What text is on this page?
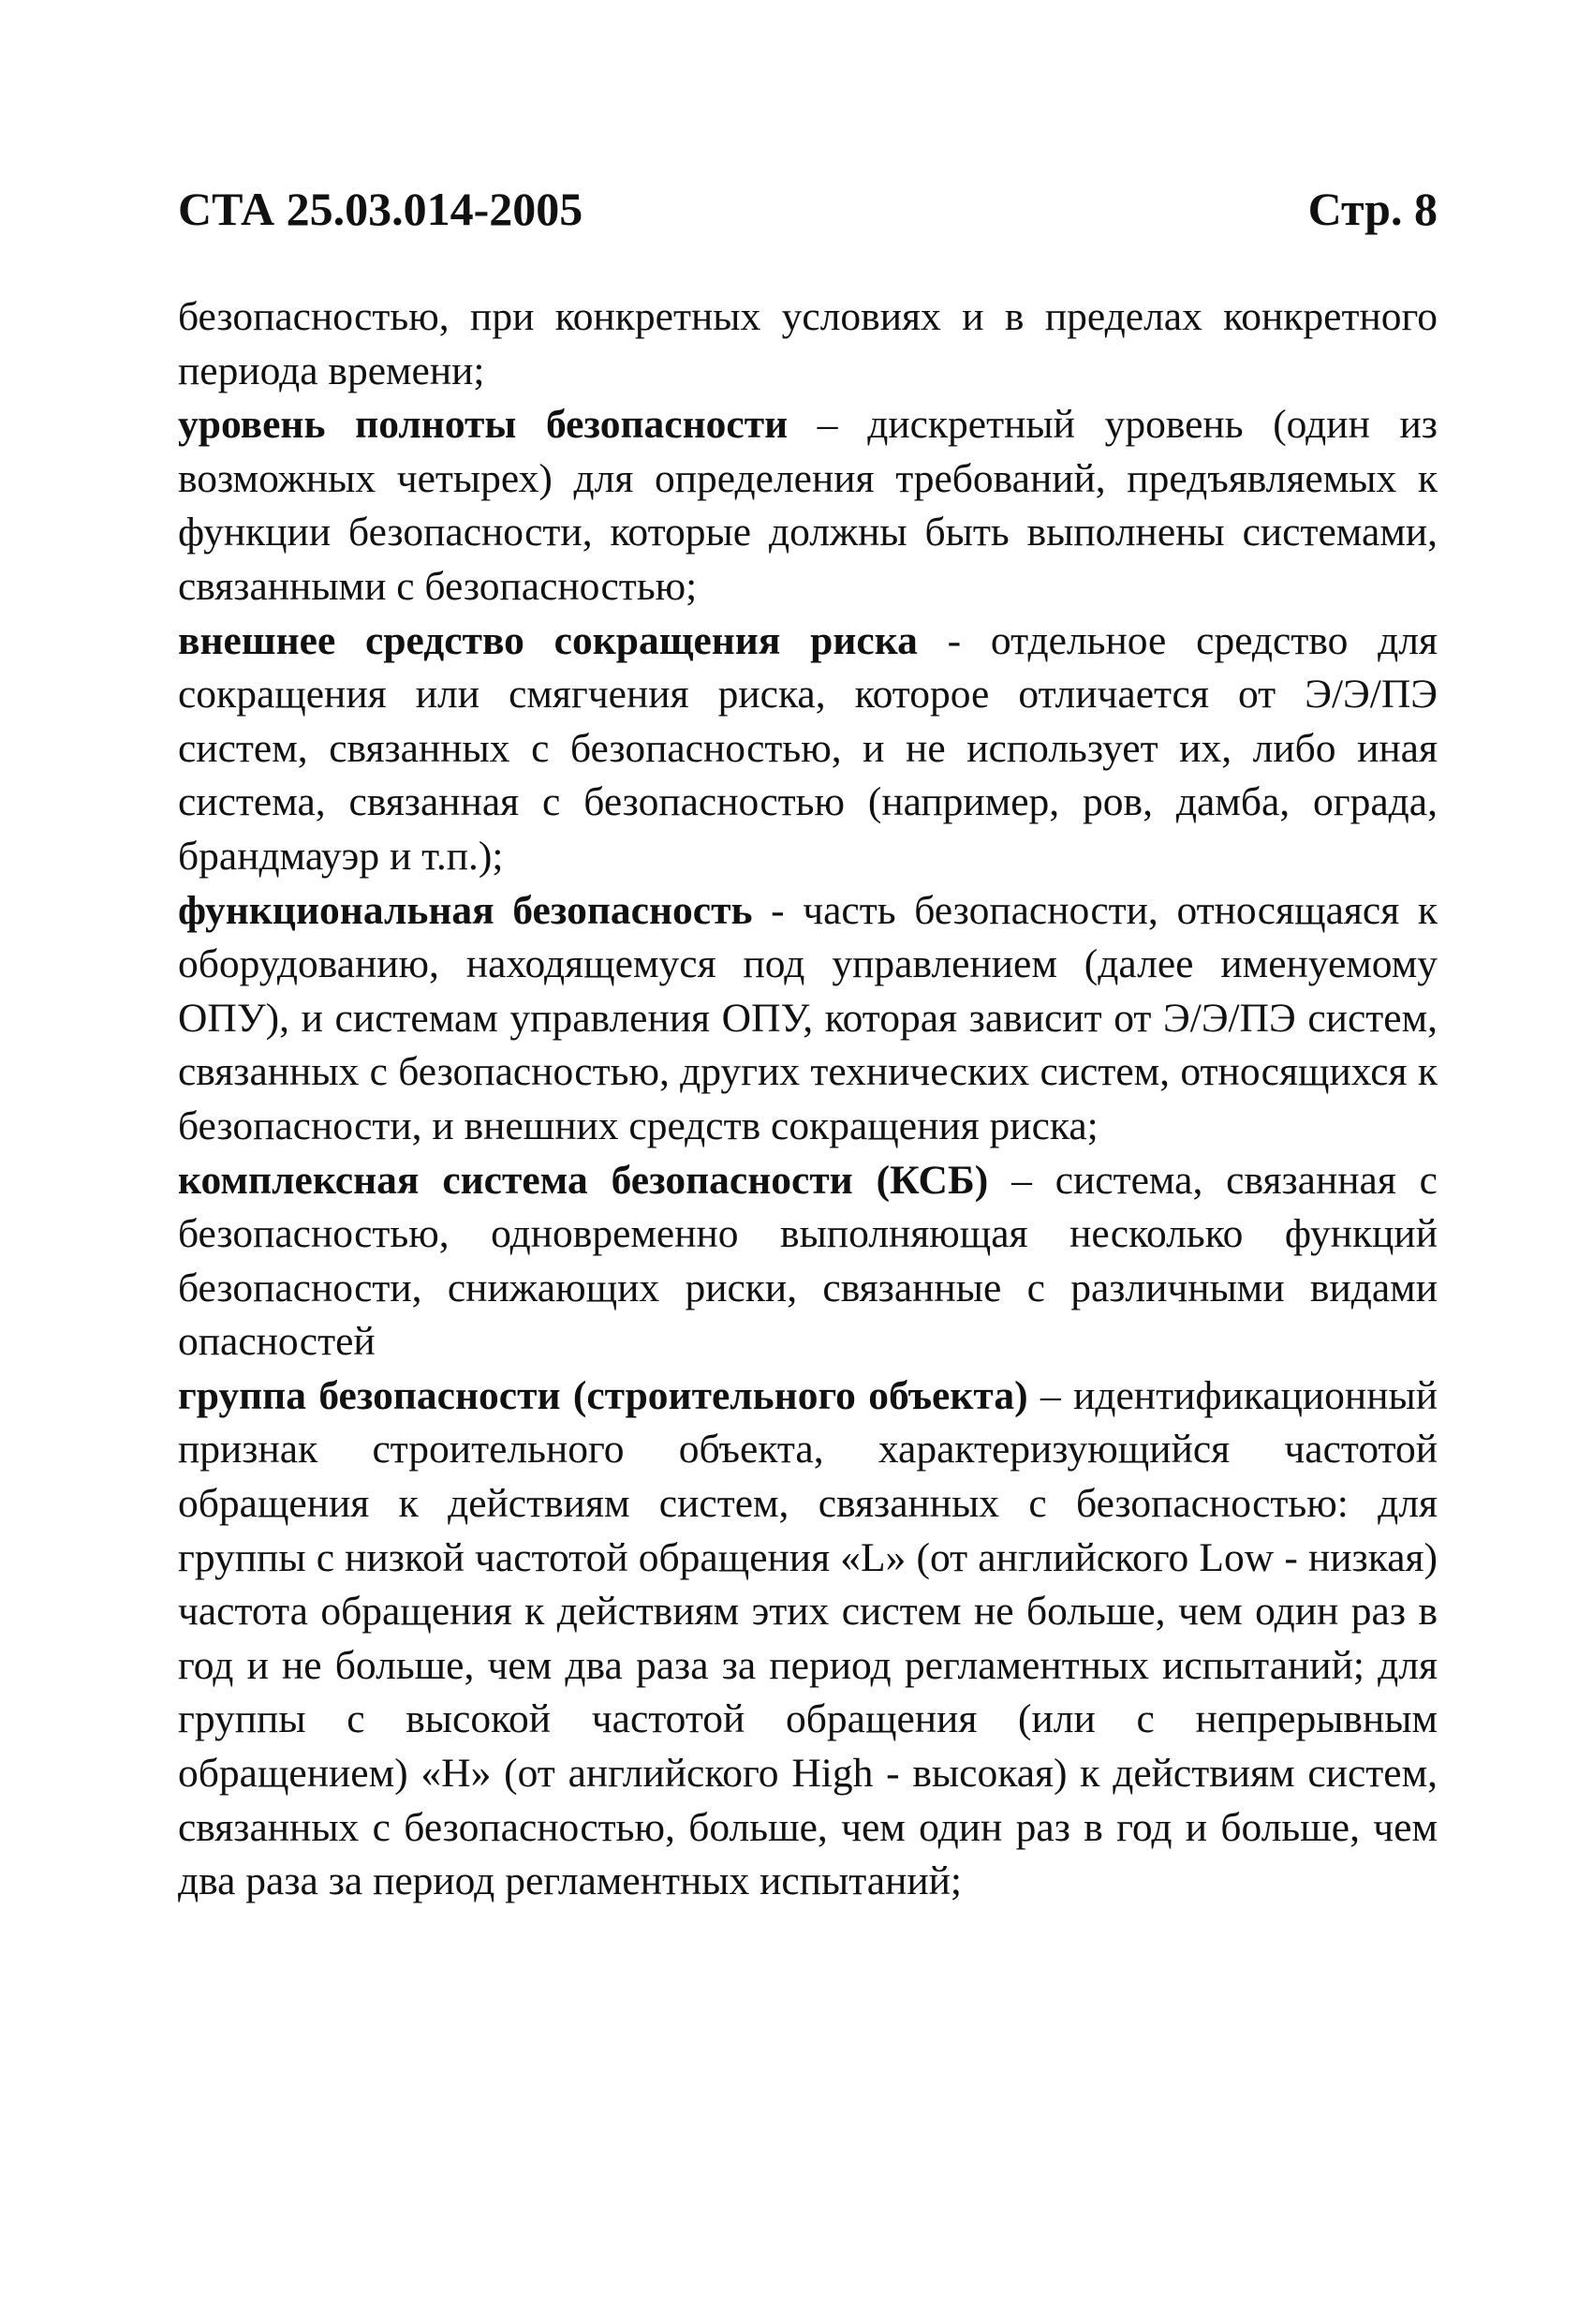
СТА 25.03.014-2005	Стр. 8

безопасностью, при конкретных условиях и в пределах конкретного периода времени;

уровень полноты безопасности – дискретный уровень (один из возможных четырех) для определения требований, предъявляемых к функции безопасности, которые должны быть выполнены системами, связанными с безопасностью;

внешнее средство сокращения риска - отдельное средство для сокращения или смягчения риска, которое отличается от Э/Э/ПЭ систем, связанных с безопасностью, и не использует их, либо иная система, связанная с безопасностью (например, ров, дамба, ограда, брандмауэр и т.п.);

функциональная безопасность - часть безопасности, относящаяся к оборудованию, находящемуся под управлением (далее именуемому ОПУ), и системам управления ОПУ, которая зависит от Э/Э/ПЭ систем, связанных с безопасностью, других технических систем, относящихся к безопасности, и внешних средств сокращения риска;

комплексная система безопасности (КСБ) – система, связанная с безопасностью, одновременно выполняющая несколько функций безопасности, снижающих риски, связанные с различными видами опасностей

группа безопасности (строительного объекта) – идентификационный признак строительного объекта, характеризующийся частотой обращения к действиям систем, связанных с безопасностью: для группы с низкой частотой обращения «L» (от английского Low - низкая) частота обращения к действиям этих систем не больше, чем один раз в год и не больше, чем два раза за период регламентных испытаний; для группы с высокой частотой обращения (или с непрерывным обращением) «H» (от английского High - высокая) к действиям систем, связанных с безопасностью, больше, чем один раз в год и больше, чем два раза за период регламентных испытаний;
